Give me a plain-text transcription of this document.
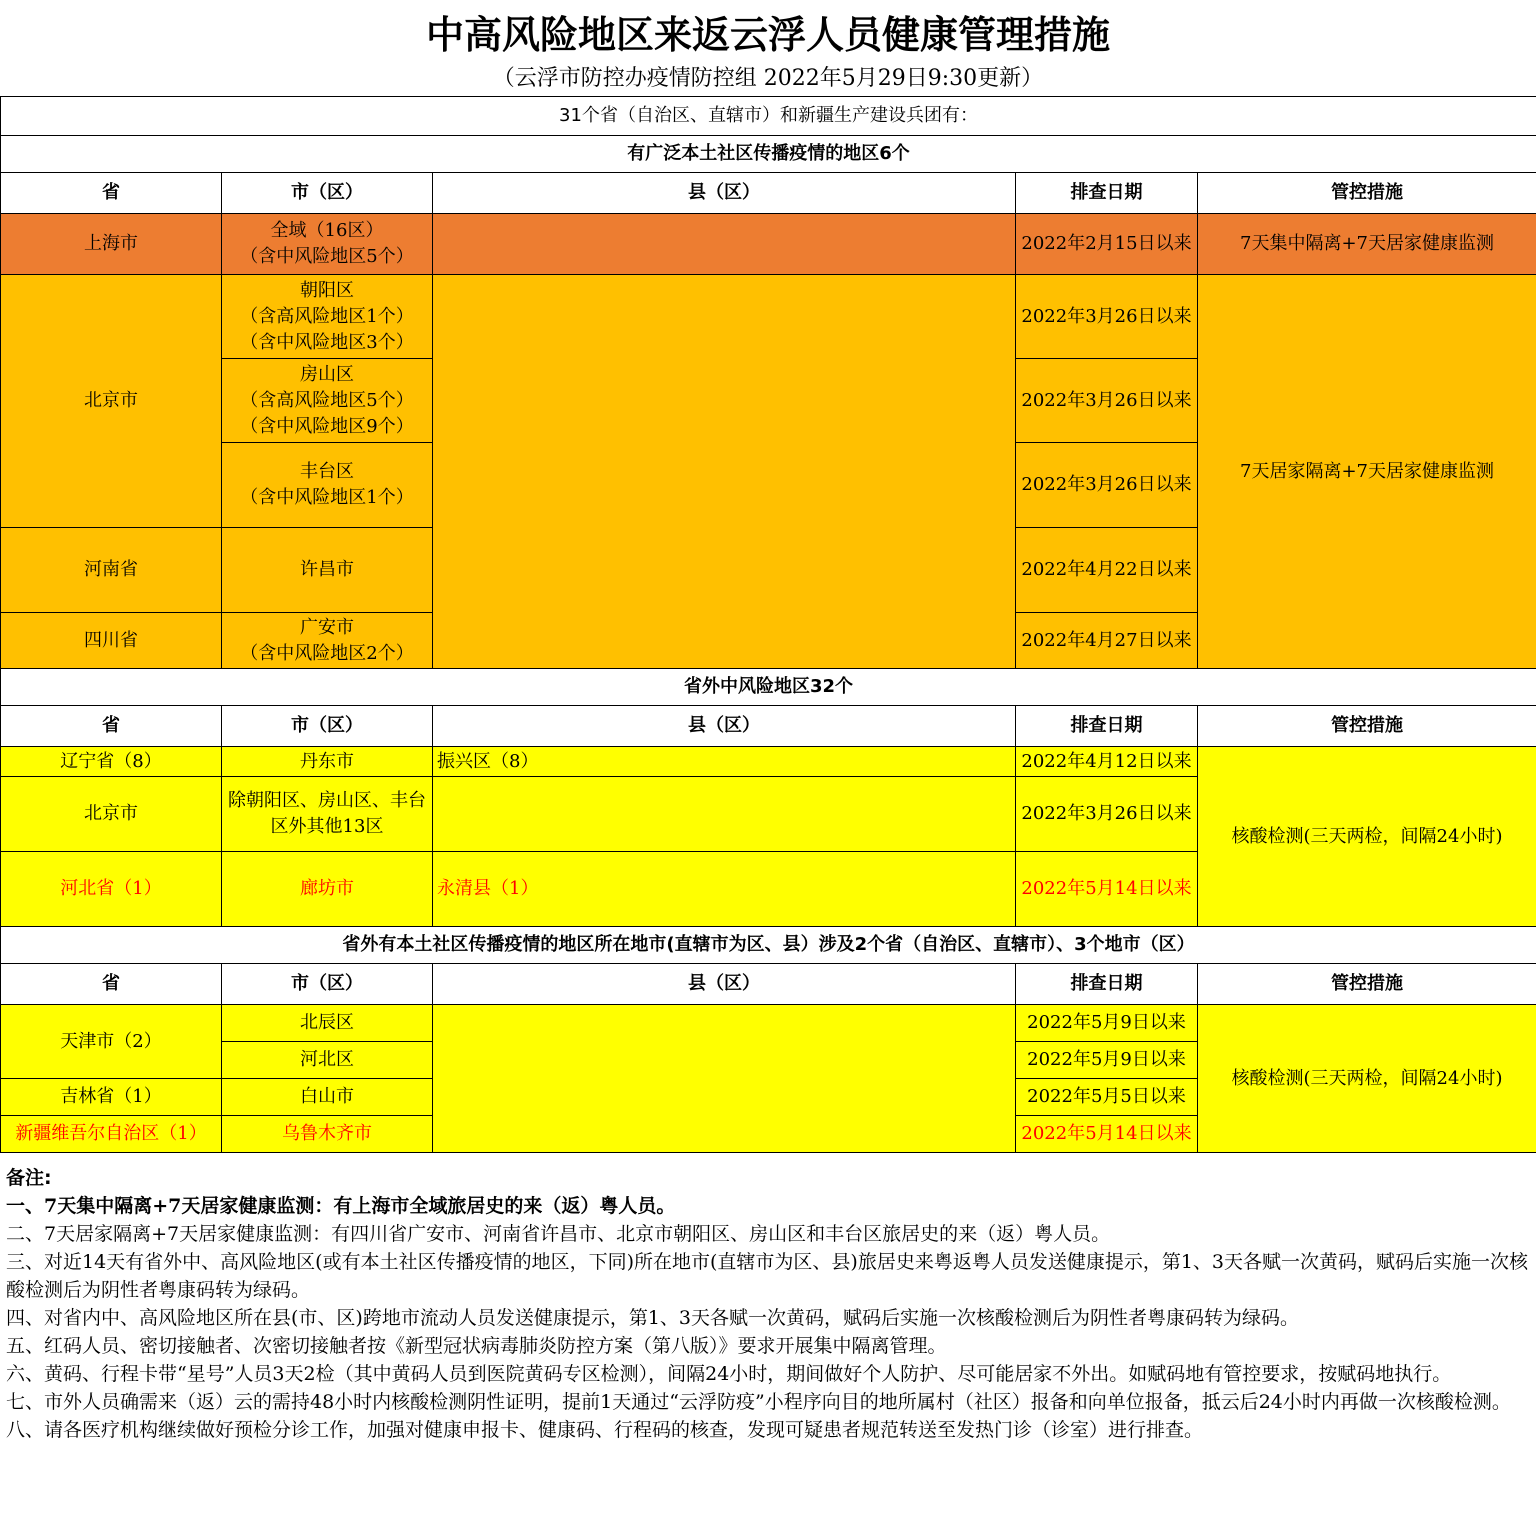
中高风险地区来返云浮人员健康管理措施
（云浮市防控办疫情防控组 2022年5月29日9:30更新）
31个省（自治区、直辖市）和新疆生产建设兵团有：				
有广泛本土社区传播疫情的地区6个				
省	市（区）	县（区）	排查日期	管控措施
上海市	全域（16区）
（含中风险地区5个）		2022年2月15日以来	7天集中隔离+7天居家健康监测
北京市	朝阳区
（含高风险地区1个）
（含中风险地区3个）		2022年3月26日以来	7天居家隔离+7天居家健康监测
	房山区
（含高风险地区5个）
（含中风险地区9个）		2022年3月26日以来	
	丰台区
（含中风险地区1个）		2022年3月26日以来	
河南省	许昌市		2022年4月22日以来	
四川省	广安市
（含中风险地区2个）		2022年4月27日以来	
省外中风险地区32个				
省	市（区）	县（区）	排查日期	管控措施
辽宁省（8）	丹东市	振兴区（8）	2022年4月12日以来	核酸检测(三天两检，间隔24小时)
北京市	除朝阳区、房山区、丰台区外其他13区		2022年3月26日以来	
河北省（1）	廊坊市	永清县（1）	2022年5月14日以来	
省外有本土社区传播疫情的地区所在地市(直辖市为区、县）涉及2个省（自治区、直辖市）、3个地市（区）				
省	市（区）	县（区）	排查日期	管控措施
天津市（2）	北辰区		2022年5月9日以来	核酸检测(三天两检，间隔24小时)
	河北区		2022年5月9日以来	
吉林省（1）	白山市		2022年5月5日以来	
新疆维吾尔自治区（1）	乌鲁木齐市		2022年5月14日以来	

备注:

一、7天集中隔离+7天居家健康监测：有上海市全域旅居史的来（返）粤人员。

二、7天居家隔离+7天居家健康监测：有四川省广安市、河南省许昌市、北京市朝阳区、房山区和丰台区旅居史的来（返）粤人员。

三、对近14天有省外中、高风险地区(或有本土社区传播疫情的地区，下同)所在地市(直辖市为区、县)旅居史来粤返粤人员发送健康提示，第1、3天各赋一次黄码，赋码后实施一次核酸检测后为阴性者粤康码转为绿码。

四、对省内中、高风险地区所在县(市、区)跨地市流动人员发送健康提示，第1、3天各赋一次黄码，赋码后实施一次核酸检测后为阴性者粤康码转为绿码。

五、红码人员、密切接触者、次密切接触者按《新型冠状病毒肺炎防控方案（第八版）》要求开展集中隔离管理。

六、黄码、行程卡带“星号”人员3天2检（其中黄码人员到医院黄码专区检测），间隔24小时，期间做好个人防护、尽可能居家不外出。如赋码地有管控要求，按赋码地执行。

七、市外人员确需来（返）云的需持48小时内核酸检测阴性证明，提前1天通过“云浮防疫”小程序向目的地所属村（社区）报备和向单位报备，抵云后24小时内再做一次核酸检测。

八、请各医疗机构继续做好预检分诊工作，加强对健康申报卡、健康码、行程码的核查，发现可疑患者规范转送至发热门诊（诊室）进行排查。
